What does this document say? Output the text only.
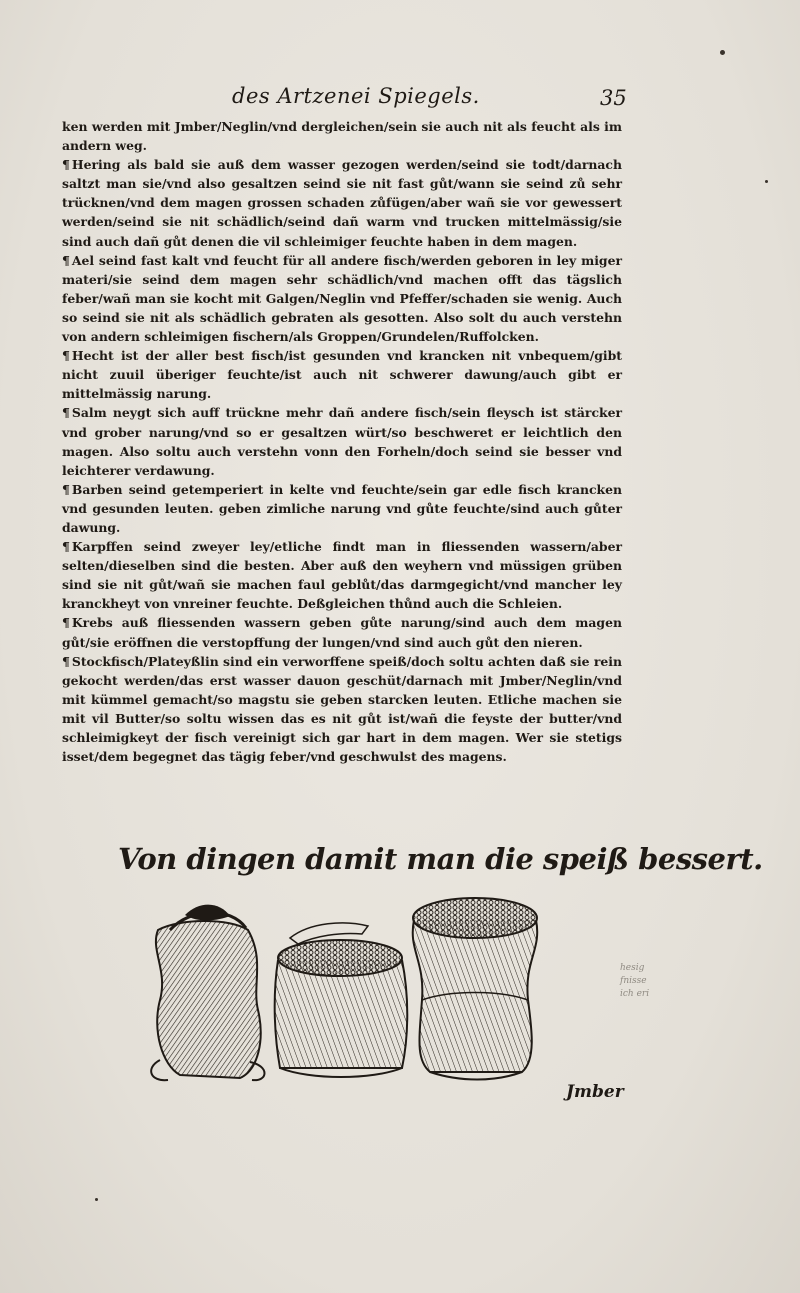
des Artzenei Spiegels.	35

ken werden mit Jmber/Neglin/vnd dergleichen/sein sie auch nit als feucht als im andern weg.

¶ Hering als bald sie auß dem wasser gezogen werden/seind sie todt/darnach saltzt man sie/vnd also gesaltzen seind sie nit fast gůt/wann sie seind zů sehr trücknen/vnd dem magen grossen schaden zůfügen/aber wañ sie vor gewessert werden/seind sie nit schädlich/seind dañ warm vnd trucken mittelmässig/sie sind auch dañ gůt denen die vil schleimiger feuchte haben in dem magen.

¶ Ael seind fast kalt vnd feucht für all andere fisch/werden geboren in ley miger materi/sie seind dem magen sehr schädlich/vnd machen offt das tägslich feber/wañ man sie kocht mit Galgen/Neglin vnd Pfeffer/schaden sie wenig. Auch so seind sie nit als schädlich gebraten als gesotten. Also solt du auch verstehn von andern schleimigen fischern/als Groppen/Grundelen/Ruffolcken.

¶ Hecht ist der aller best fisch/ist gesunden vnd krancken nit vnbequem/gibt nicht zuuil überiger feuchte/ist auch nit schwerer dawung/auch gibt er mittelmässig narung.

¶ Salm neygt sich auff trückne mehr dañ andere fisch/sein fleysch ist stärcker vnd grober narung/vnd so er gesaltzen würt/so beschweret er leichtlich den magen. Also soltu auch verstehn vonn den Forheln/doch seind sie besser vnd leichterer verdawung.

¶ Barben seind getemperiert in kelte vnd feuchte/sein gar edle fisch krancken vnd gesunden leuten. geben zimliche narung vnd gůte feuchte/sind auch gůter dawung.

¶ Karpffen seind zweyer ley/etliche findt man in fliessenden wassern/aber selten/dieselben sind die besten. Aber auß den weyhern vnd müssigen grüben sind sie nit gůt/wañ sie machen faul geblůt/das darmgegicht/vnd mancher ley kranckheyt von vnreiner feuchte. Deßgleichen thůnd auch die Schleien.

¶ Krebs auß fliessenden wassern geben gůte narung/sind auch dem magen gůt/sie eröffnen die verstopffung der lungen/vnd sind auch gůt den nieren.

¶ Stockfisch/Plateyßlin sind ein verworffene speiß/doch soltu achten daß sie rein gekocht werden/das erst wasser dauon geschüt/darnach mit Jmber/Neglin/vnd mit kümmel gemacht/so magstu sie geben starcken leuten. Etliche machen sie mit vil Butter/so soltu wissen das es nit gůt ist/wañ die feyste der butter/vnd schleimigkeyt der fisch vereinigt sich gar hart in dem magen. Wer sie stetigs isset/dem begegnet das tägig feber/vnd geschwulst des magens.

Von dingen damit man die speiß bessert.
hesig
fnisse
ich eri
Jmber
